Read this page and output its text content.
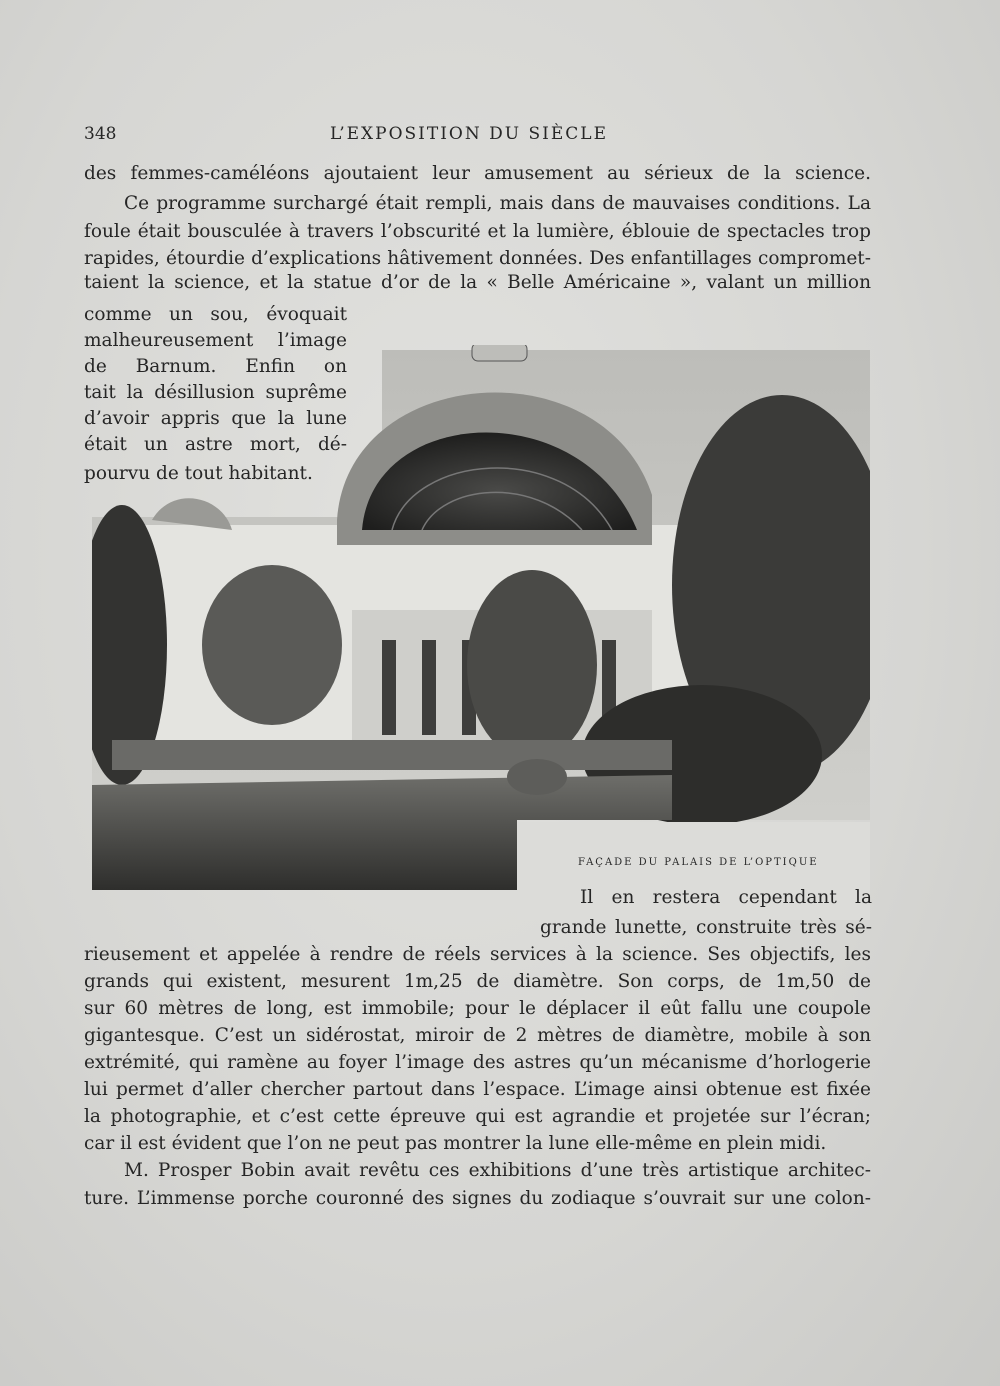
348	L’EXPOSITION DU SIÈCLE
des femmes-caméléons ajoutaient leur amusement au sérieux de la science.
Ce programme surchargé était rempli, mais dans de mauvaises conditions. La
foule était bousculée à travers l’obscurité et la lumière, éblouie de spectacles trop
rapides, étourdie d’explications hâtivement données. Des enfantillages compromet-
taient la science, et la statue d’or de la « Belle Américaine », valant un million
comme un sou, évoquait
malheureusement l’image
de Barnum. Enfin on
tait la désillusion suprême
d’avoir appris que la lune
était un astre mort, dé-
pourvu de tout habitant.
FAÇADE DU PALAIS DE L’OPTIQUE
Il en restera cependant la
grande lunette, construite très sé-
rieusement et appelée à rendre de réels services à la science. Ses objectifs, les
grands qui existent, mesurent 1m,25 de diamètre. Son corps, de 1m,50 de
sur 60 mètres de long, est immobile; pour le déplacer il eût fallu une coupole
gigantesque. C’est un sidérostat, miroir de 2 mètres de diamètre, mobile à son
extrémité, qui ramène au foyer l’image des astres qu’un mécanisme d’horlogerie
lui permet d’aller chercher partout dans l’espace. L’image ainsi obtenue est fixée
la photographie, et c’est cette épreuve qui est agrandie et projetée sur l’écran;
car il est évident que l’on ne peut pas montrer la lune elle-même en plein midi.
M. Prosper Bobin avait revêtu ces exhibitions d’une très artistique architec-
ture. L’immense porche couronné des signes du zodiaque s’ouvrait sur une colon-
